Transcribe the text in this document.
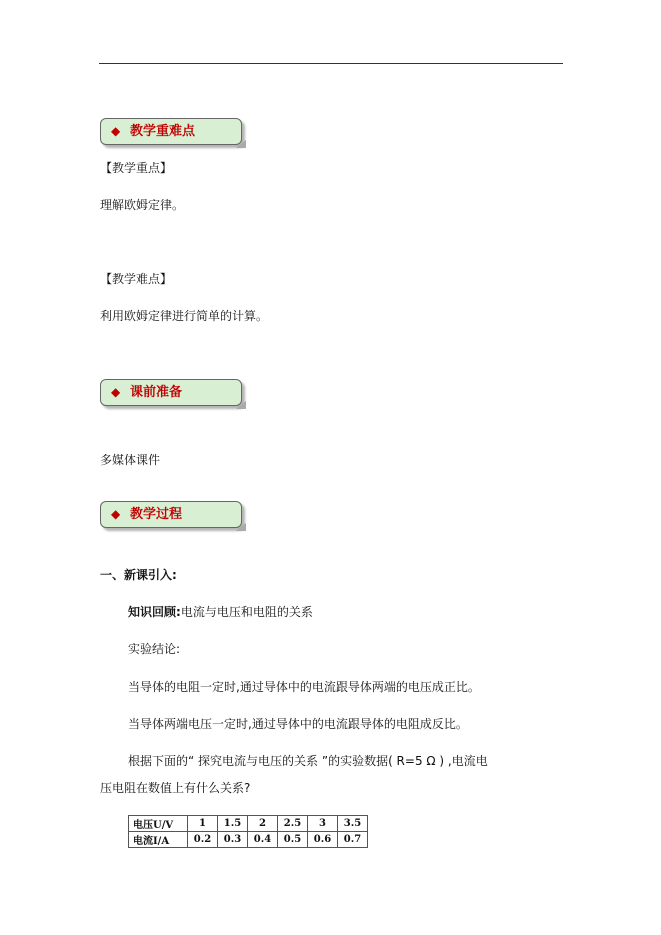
◆ 教学重难点
【教学重点】
理解欧姆定律。
【教学难点】
利用欧姆定律进行简单的计算。
◆ 课前准备
多媒体课件
◆ 教学过程
一、新课引入:
知识回顾:电流与电压和电阻的关系
实验结论:
当导体的电阻一定时,通过导体中的电流跟导体两端的电压成正比。
当导体两端电压一定时,通过导体中的电流跟导体的电阻成反比。
根据下面的“ 探究电流与电压的关系 ”的实验数据( R=5 Ω ) ,电流电
压电阻在数值上有什么关系?
电压U/V	1	1.5	2	2.5	3	3.5
电流I/A	0.2	0.3	0.4	0.5	0.6	0.7
